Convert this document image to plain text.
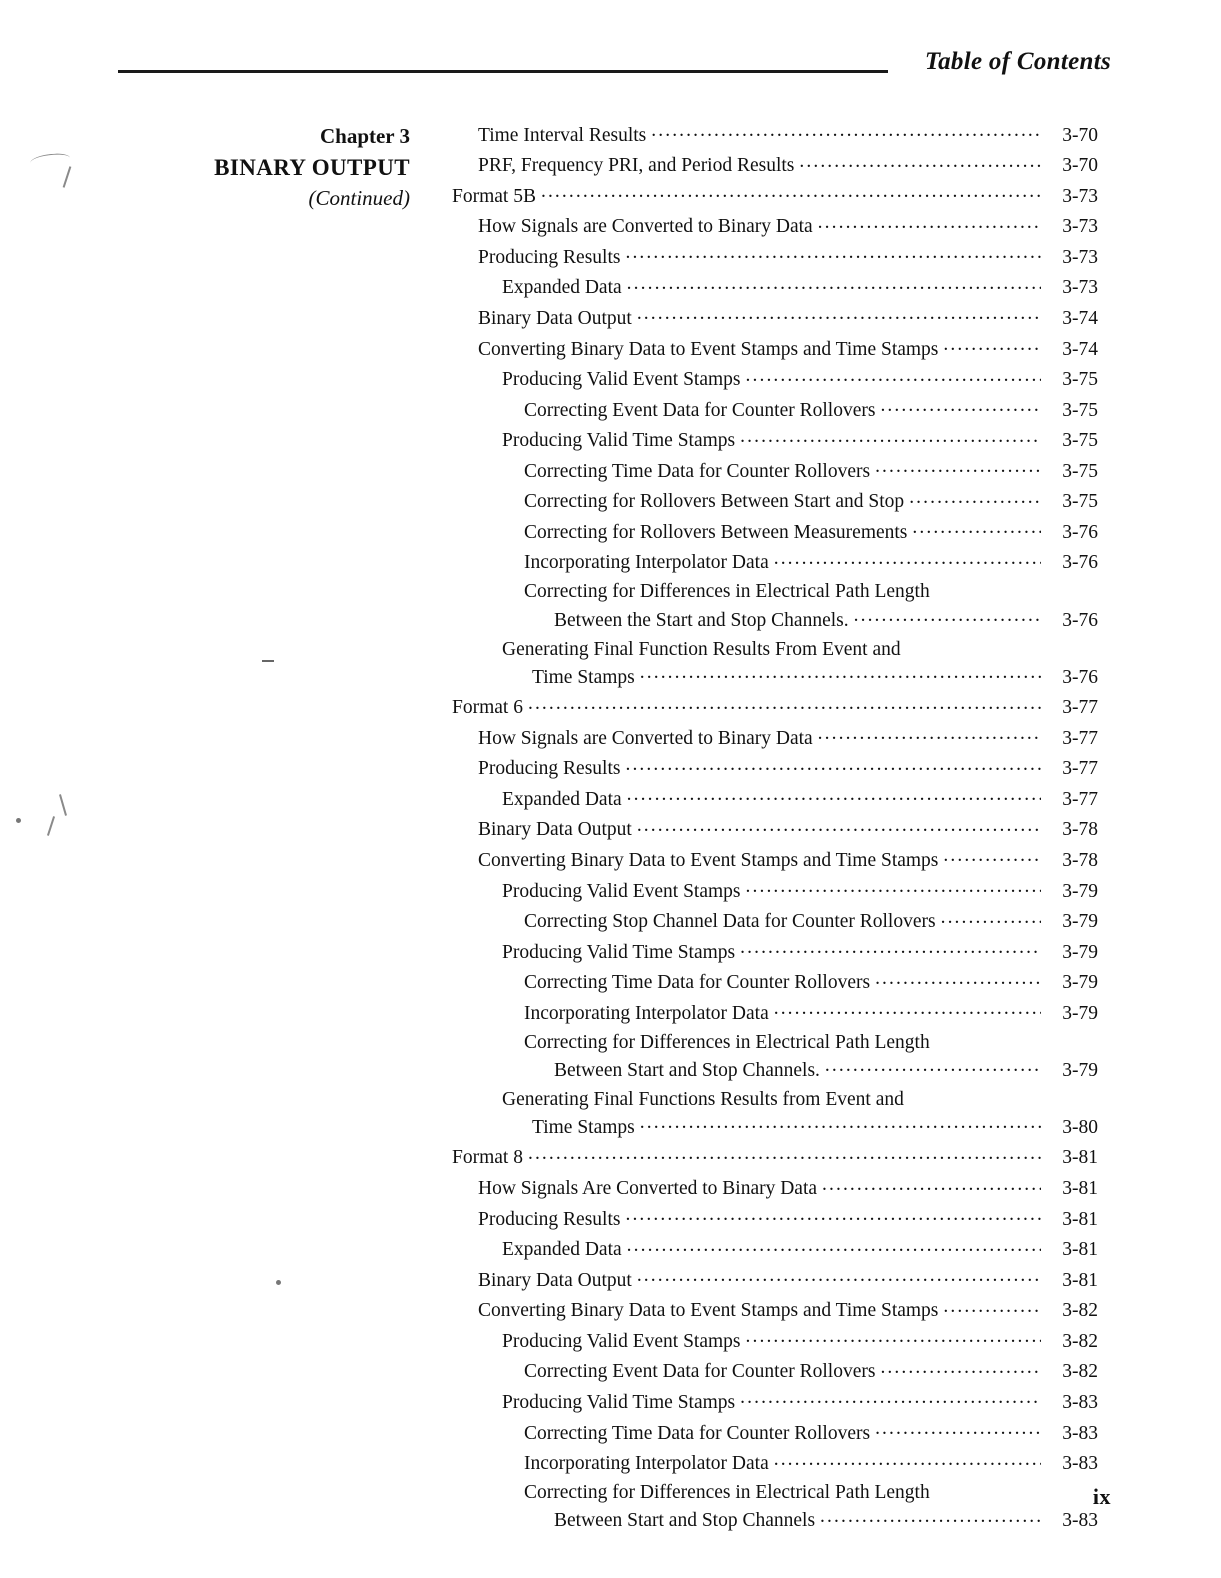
Table of Contents
Chapter 3
BINARY OUTPUT
(Continued)
Time Interval Results .....	3-70
PRF, Frequency PRI, and Period Results .....	3-70
Format 5B .....	3-73
How Signals are Converted to Binary Data .....	3-73
Producing Results .....	3-73
Expanded Data .....	3-73
Binary Data Output .....	3-74
Converting Binary Data to Event Stamps and Time Stamps .....	3-74
Producing Valid Event Stamps .....	3-75
Correcting Event Data for Counter Rollovers .....	3-75
Producing Valid Time Stamps .....	3-75
Correcting Time Data for Counter Rollovers .....	3-75
Correcting for Rollovers Between Start and Stop .....	3-75
Correcting for Rollovers Between Measurements .....	3-76
Incorporating Interpolator Data .....	3-76
Correcting for Differences in Electrical Path Length
Between the Start and Stop Channels. .....	3-76
Generating Final Function Results From Event and
Time Stamps .....	3-76
Format 6 .....	3-77
How Signals are Converted to Binary Data .....	3-77
Producing Results .....	3-77
Expanded Data .....	3-77
Binary Data Output .....	3-78
Converting Binary Data to Event Stamps and Time Stamps .....	3-78
Producing Valid Event Stamps .....	3-79
Correcting Stop Channel Data for Counter Rollovers .....	3-79
Producing Valid Time Stamps .....	3-79
Correcting Time Data for Counter Rollovers .....	3-79
Incorporating Interpolator Data .....	3-79
Correcting for Differences in Electrical Path Length
Between Start and Stop Channels. .....	3-79
Generating Final Functions Results from Event and
Time Stamps .....	3-80
Format 8 .....	3-81
How Signals Are Converted to Binary Data .....	3-81
Producing Results .....	3-81
Expanded Data .....	3-81
Binary Data Output .....	3-81
Converting Binary Data to Event Stamps and Time Stamps .....	3-82
Producing Valid Event Stamps .....	3-82
Correcting Event Data for Counter Rollovers .....	3-82
Producing Valid Time Stamps .....	3-83
Correcting Time Data for Counter Rollovers .....	3-83
Incorporating Interpolator Data .....	3-83
Correcting for Differences in Electrical Path Length
Between Start and Stop Channels .....	3-83
ix
